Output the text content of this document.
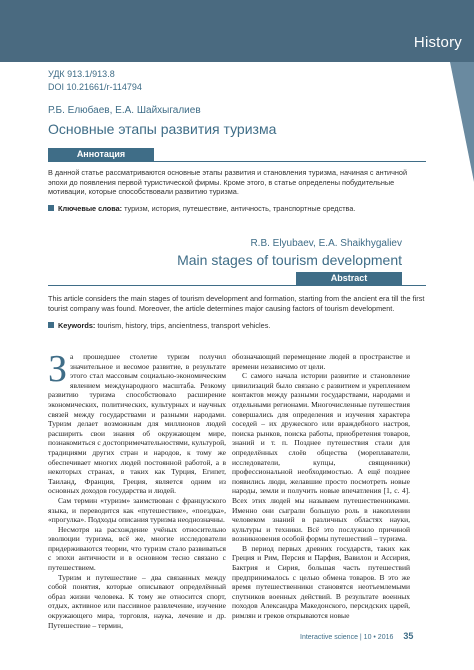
History
УДК 913.1/913.8
DOI 10.21661/r-114794
Р.Б. Елюбаев, Е.А. Шайхыгалиев
Основные этапы развития туризма
Аннотация
В данной статье рассматриваются основные этапы развития и становления туризма, начиная с античной эпохи до появления первой туристической фирмы. Кроме этого, в статье определены побудительные мотивации, которые способствовали развитию туризма.
Ключевые слова: туризм, история, путешествие, античность, транспортные средства.
R.B. Elyubaev, E.A. Shaikhygaliev
Main stages of tourism development
Abstract
This article considers the main stages of tourism development and formation, starting from the ancient era till the first tourist company was found. Moreover, the article determines major causing factors of tourism development.
Keywords: tourism, history, trips, ancientness, transport vehicles.

За прошедшее столетие туризм получил значительное и весомое развитие, в результате этого стал массовым социально-экономическим явлением международного масштаба. Резкому развитию туризма способствовало расширение экономических, политических, культурных и научных связей между государствами и разными народами. Туризм делает возможным для миллионов людей расширить свои знания об окружающем мире, познакомиться с достопримечательностями, культурой, традициями других стран и народов, к тому же обеспечивает многих людей постоянной работой, а в некоторых странах, в таких как Турция, Египет, Таиланд, Франция, Греция, является одним из основных доходов государства и людей.

Сам термин «туризм» заимствован с французского языка, и переводится как «путешествие», «поездка», «прогулка». Подходы описания туризма неоднозначны.

Несмотря на расхождение учёных относительно эволюции туризма, всё же, многие исследователи придерживаются теории, что туризм стало развиваться с эпохи античности и в основном тесно связано с путешествием.

Туризм и путешествие – два связанных между собой понятия, которые описывают определённый образ жизни человека. К тому же относится спорт, отдых, активное или пассивное развлечение, изучение окружающего мира, торговля, наука, лечение и др. Путешествие – термин,

обозначающий перемещение людей в пространстве и времени независимо от цели.

С самого начала истории развитие и становление цивилизаций было связано с развитием и укреплением контактов между разными государствами, народами и отдельными регионами. Многочисленные путешествия совершались для определения и изучения характера соседей – их дружеского или враждебного настроя, поиска рынков, поиска работы, приобретения товаров, знаний и т. п. Позднее путешествия стали для определённых слоёв общества (мореплаватели, исследователи, купцы, священники) профессиональной необходимостью. А ещё позднее появились люди, желавшие просто посмотреть новые народы, земли и получить новые впечатления [1, с. 4]. Всех этих людей мы называем путешественниками. Именно они сыграли большую роль в накоплении человеком знаний в различных областях науки, культуры и техники. Всё это послужило причиной возникновения особой формы путешествий – туризма.

В период первых древних государств, таких как Греция и Рим, Персия и Парфия, Вавилон и Ассирия, Бактрия и Сирия, большая часть путешествий предпринималось с целью обмена товаров. В это же время путешественники становятся неотъемлемыми спутников военных действий. В результате военных походов Александра Македонского, персидских царей, римлян и греков открываются новые

Interactive science | 10 • 2016 35
